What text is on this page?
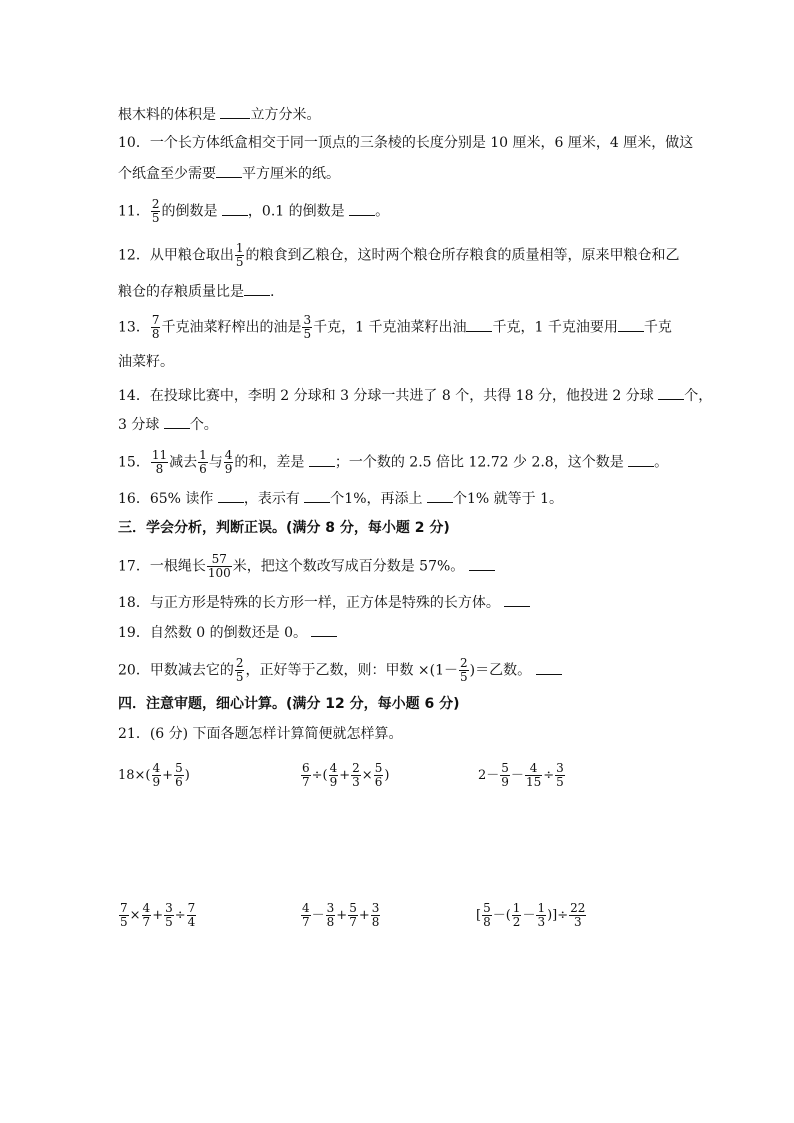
根木料的体积是 立方分米。
10．一个长方体纸盒相交于同一顶点的三条棱的长度分别是 10 厘米，6 厘米，4 厘米，做这
个纸盒至少需要 平方厘米的纸。
11． $\frac{2}{5}$ 的倒数是 ，0.1 的倒数是 。
12．从甲粮仓取出 $\frac{1}{5}$ 的粮食到乙粮仓，这时两个粮仓所存粮食的质量相等，原来甲粮仓和乙
粮仓的存粮质量比是 .
13． $\frac{7}{8}$ 千克油菜籽榨出的油是 $\frac{3}{5}$ 千克，1 千克油菜籽出油 千克，1 千克油要用 千克
油菜籽。
14．在投球比赛中，李明 2 分球和 3 分球一共进了 8 个，共得 18 分，他投进 2 分球 个，
3 分球 个。
15． $\frac{11}{8}$ 减去 $\frac{1}{6}$ 与 $\frac{4}{9}$ 的和，差是 ；一个数的 2.5 倍比 12.72 少 2.8，这个数是 。
16．65% 读作 ，表示有 个1%，再添上 个1% 就等于 1。
三．学会分析，判断正误。(满分 8 分，每小题 2 分)
17．一根绳长 $\frac{57}{100}$ 米，把这个数改写成百分数是 57%。
18．与正方形是特殊的长方形一样，正方体是特殊的长方体。
19．自然数 0 的倒数还是 0。
20．甲数减去它的 $\frac{2}{5}$ ，正好等于乙数，则：甲数 $\times(1- \frac{2}{5}$ )＝乙数。
四．注意审题，细心计算。(满分 12 分，每小题 6 分)
21．(6 分) 下面各题怎样计算简便就怎样算。
$18\times( \frac{4}{9} + \frac{5}{6}$ )	$\frac{6}{7}$ ÷( $\frac{4}{9} + \frac{2}{3} \times \frac{5}{6}$ )	$2- \frac{5}{9} - \frac{4}{15} \div \frac{3}{5}$
$\frac{7}{5} \times \frac{4}{7} + \frac{3}{5} \div \frac{7}{4}$	$\frac{4}{7} - \frac{3}{8} + \frac{5}{7} + \frac{3}{8}$	[ $\frac{5}{8}$ －( $\frac{1}{2} - \frac{1}{3}$ )]÷ $\frac{22}{3}$
